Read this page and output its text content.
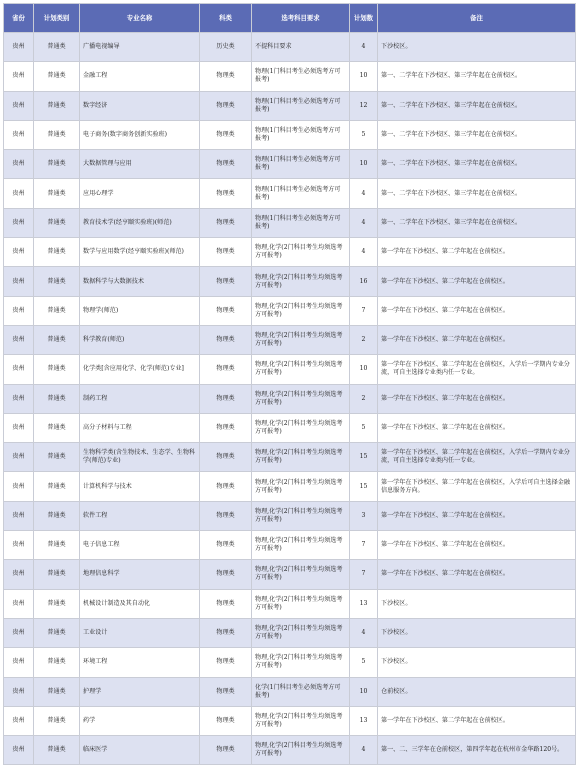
省份	计划类别	专业名称	科类	选考科目要求	计划数	备注
贵州	普通类	广播电视编导	历史类	不提科目要求	4	下沙校区。
贵州	普通类	金融工程	物理类	物理(1门科目考生必须选考方可报考)	10	第一、二学年在下沙校区、第三学年起在仓前校区。
贵州	普通类	数字经济	物理类	物理(1门科目考生必须选考方可报考)	12	第一、二学年在下沙校区、第三学年起在仓前校区。
贵州	普通类	电子商务(数字商务创新实验班)	物理类	物理(1门科目考生必须选考方可报考)	5	第一、二学年在下沙校区、第三学年起在仓前校区。
贵州	普通类	大数据管理与应用	物理类	物理(1门科目考生必须选考方可报考)	10	第一、二学年在下沙校区、第三学年起在仓前校区。
贵州	普通类	应用心理学	物理类	物理(1门科目考生必须选考方可报考)	4	第一、二学年在下沙校区、第三学年起在仓前校区。
贵州	普通类	教育技术学(经亨颐实验班)(师范)	物理类	物理(1门科目考生必须选考方可报考)	4	第一、二学年在下沙校区、第三学年起在仓前校区。
贵州	普通类	数学与应用数学(经亨颐实验班)(师范)	物理类	物理,化学(2门科目考生均须选考方可报考)	4	第一学年在下沙校区、第二学年起在仓前校区。
贵州	普通类	数据科学与大数据技术	物理类	物理,化学(2门科目考生均须选考方可报考)	16	第一学年在下沙校区、第二学年起在仓前校区。
贵州	普通类	物理学(师范)	物理类	物理,化学(2门科目考生均须选考方可报考)	7	第一学年在下沙校区、第二学年起在仓前校区。
贵州	普通类	科学教育(师范)	物理类	物理,化学(2门科目考生均须选考方可报考)	2	第一学年在下沙校区、第二学年起在仓前校区。
贵州	普通类	化学类[含应用化学、化学(师范)专业]	物理类	物理,化学(2门科目考生均须选考方可报考)	10	第一学年在下沙校区、第二学年起在仓前校区，入学后一学期内专业分流，可自主选择专业类内任一专业。
贵州	普通类	制药工程	物理类	物理,化学(2门科目考生均须选考方可报考)	2	第一学年在下沙校区、第二学年起在仓前校区。
贵州	普通类	高分子材料与工程	物理类	物理,化学(2门科目考生均须选考方可报考)	5	第一学年在下沙校区、第二学年起在仓前校区。
贵州	普通类	生物科学类(含生物技术、生态学、生物科学(师范)专业)	物理类	物理,化学(2门科目考生均须选考方可报考)	15	第一学年在下沙校区、第二学年起在仓前校区，入学后一学期内专业分流，可自主选择专业类内任一专业。
贵州	普通类	计算机科学与技术	物理类	物理,化学(2门科目考生均须选考方可报考)	15	第一学年在下沙校区、第二学年起在仓前校区，入学后可自主选择金融信息服务方向。
贵州	普通类	软件工程	物理类	物理,化学(2门科目考生均须选考方可报考)	3	第一学年在下沙校区、第二学年起在仓前校区。
贵州	普通类	电子信息工程	物理类	物理,化学(2门科目考生均须选考方可报考)	7	第一学年在下沙校区、第二学年起在仓前校区。
贵州	普通类	地理信息科学	物理类	物理,化学(2门科目考生均须选考方可报考)	7	第一学年在下沙校区、第二学年起在仓前校区。
贵州	普通类	机械设计制造及其自动化	物理类	物理,化学(2门科目考生均须选考方可报考)	13	下沙校区。
贵州	普通类	工业设计	物理类	物理,化学(2门科目考生均须选考方可报考)	4	下沙校区。
贵州	普通类	环境工程	物理类	物理,化学(2门科目考生均须选考方可报考)	5	下沙校区。
贵州	普通类	护理学	物理类	化学(1门科目考生必须选考方可报考)	10	仓前校区。
贵州	普通类	药学	物理类	物理,化学(2门科目考生均须选考方可报考)	13	第一学年在下沙校区、第二学年起在仓前校区。
贵州	普通类	临床医学	物理类	物理,化学(2门科目考生均须选考方可报考)	4	第一、二、三学年在仓前校区，第四学年起在杭州市金华路120号。
